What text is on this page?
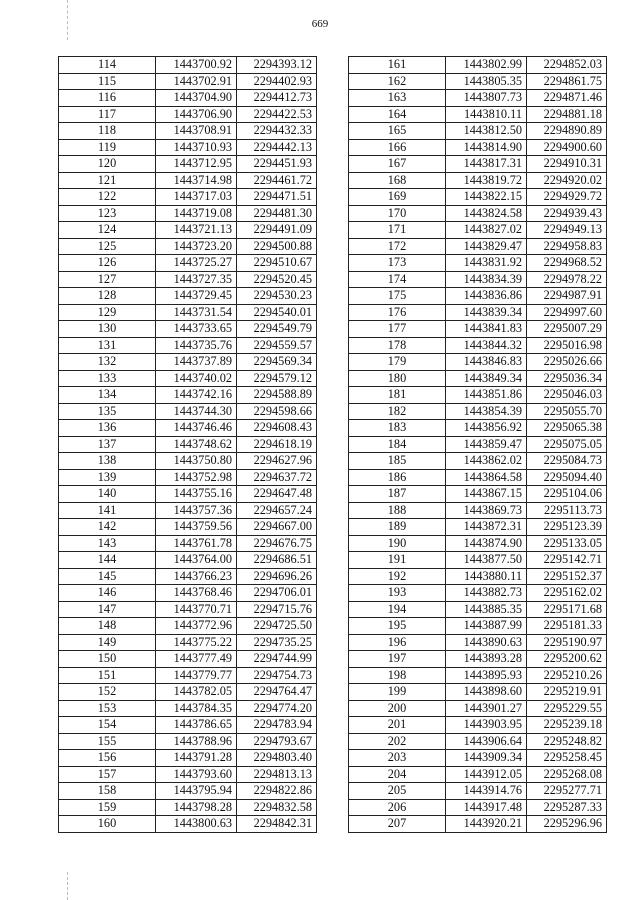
669
114	1443700.92	2294393.12
115	1443702.91	2294402.93
116	1443704.90	2294412.73
117	1443706.90	2294422.53
118	1443708.91	2294432.33
119	1443710.93	2294442.13
120	1443712.95	2294451.93
121	1443714.98	2294461.72
122	1443717.03	2294471.51
123	1443719.08	2294481.30
124	1443721.13	2294491.09
125	1443723.20	2294500.88
126	1443725.27	2294510.67
127	1443727.35	2294520.45
128	1443729.45	2294530.23
129	1443731.54	2294540.01
130	1443733.65	2294549.79
131	1443735.76	2294559.57
132	1443737.89	2294569.34
133	1443740.02	2294579.12
134	1443742.16	2294588.89
135	1443744.30	2294598.66
136	1443746.46	2294608.43
137	1443748.62	2294618.19
138	1443750.80	2294627.96
139	1443752.98	2294637.72
140	1443755.16	2294647.48
141	1443757.36	2294657.24
142	1443759.56	2294667.00
143	1443761.78	2294676.75
144	1443764.00	2294686.51
145	1443766.23	2294696.26
146	1443768.46	2294706.01
147	1443770.71	2294715.76
148	1443772.96	2294725.50
149	1443775.22	2294735.25
150	1443777.49	2294744.99
151	1443779.77	2294754.73
152	1443782.05	2294764.47
153	1443784.35	2294774.20
154	1443786.65	2294783.94
155	1443788.96	2294793.67
156	1443791.28	2294803.40
157	1443793.60	2294813.13
158	1443795.94	2294822.86
159	1443798.28	2294832.58
160	1443800.63	2294842.31
161	1443802.99	2294852.03
162	1443805.35	2294861.75
163	1443807.73	2294871.46
164	1443810.11	2294881.18
165	1443812.50	2294890.89
166	1443814.90	2294900.60
167	1443817.31	2294910.31
168	1443819.72	2294920.02
169	1443822.15	2294929.72
170	1443824.58	2294939.43
171	1443827.02	2294949.13
172	1443829.47	2294958.83
173	1443831.92	2294968.52
174	1443834.39	2294978.22
175	1443836.86	2294987.91
176	1443839.34	2294997.60
177	1443841.83	2295007.29
178	1443844.32	2295016.98
179	1443846.83	2295026.66
180	1443849.34	2295036.34
181	1443851.86	2295046.03
182	1443854.39	2295055.70
183	1443856.92	2295065.38
184	1443859.47	2295075.05
185	1443862.02	2295084.73
186	1443864.58	2295094.40
187	1443867.15	2295104.06
188	1443869.73	2295113.73
189	1443872.31	2295123.39
190	1443874.90	2295133.05
191	1443877.50	2295142.71
192	1443880.11	2295152.37
193	1443882.73	2295162.02
194	1443885.35	2295171.68
195	1443887.99	2295181.33
196	1443890.63	2295190.97
197	1443893.28	2295200.62
198	1443895.93	2295210.26
199	1443898.60	2295219.91
200	1443901.27	2295229.55
201	1443903.95	2295239.18
202	1443906.64	2295248.82
203	1443909.34	2295258.45
204	1443912.05	2295268.08
205	1443914.76	2295277.71
206	1443917.48	2295287.33
207	1443920.21	2295296.96
